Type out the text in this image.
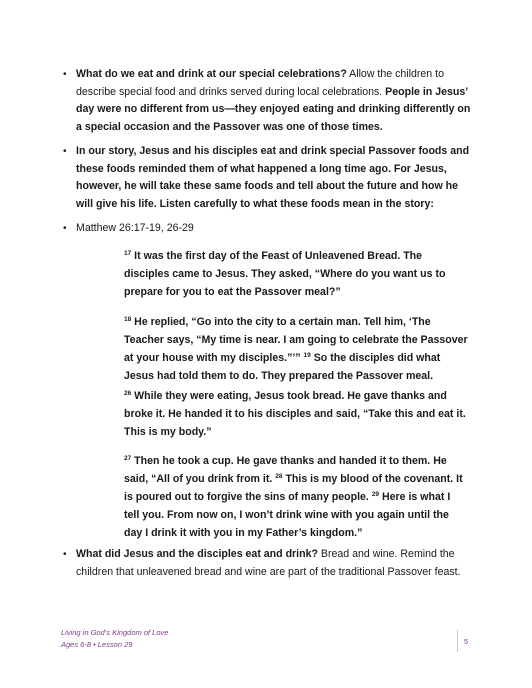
• What do we eat and drink at our special celebrations? Allow the children to describe special food and drinks served during local celebrations. People in Jesus’ day were no different from us—they enjoyed eating and drinking differently on a special occasion and the Passover was one of those times.
• In our story, Jesus and his disciples eat and drink special Passover foods and these foods reminded them of what happened a long time ago. For Jesus, however, he will take these same foods and tell about the future and how he will give his life. Listen carefully to what these foods mean in the story:
• Matthew 26:17-19, 26-29
$^{17}$ It was the first day of the Feast of Unleavened Bread. The disciples came to Jesus. They asked, “Where do you want us to prepare for you to eat the Passover meal?”
$^{18}$ He replied, “Go into the city to a certain man. Tell him, ‘The Teacher says, “My time is near. I am going to celebrate the Passover at your house with my disciples.”’” $^{19}$ So the disciples did what Jesus had told them to do. They prepared the Passover meal.
$^{26}$ While they were eating, Jesus took bread. He gave thanks and broke it. He handed it to his disciples and said, “Take this and eat it. This is my body.”
$^{27}$ Then he took a cup. He gave thanks and handed it to them. He said, “All of you drink from it. $^{28}$ This is my blood of the covenant. It is poured out to forgive the sins of many people. $^{29}$ Here is what I tell you. From now on, I won’t drink wine with you again until the day I drink it with you in my Father’s kingdom.”
• What did Jesus and the disciples eat and drink? Bread and wine. Remind the children that unleavened bread and wine are part of the traditional Passover feast.
Living in God’s Kingdom of Love
Ages 6-8 • Lesson 29	5
